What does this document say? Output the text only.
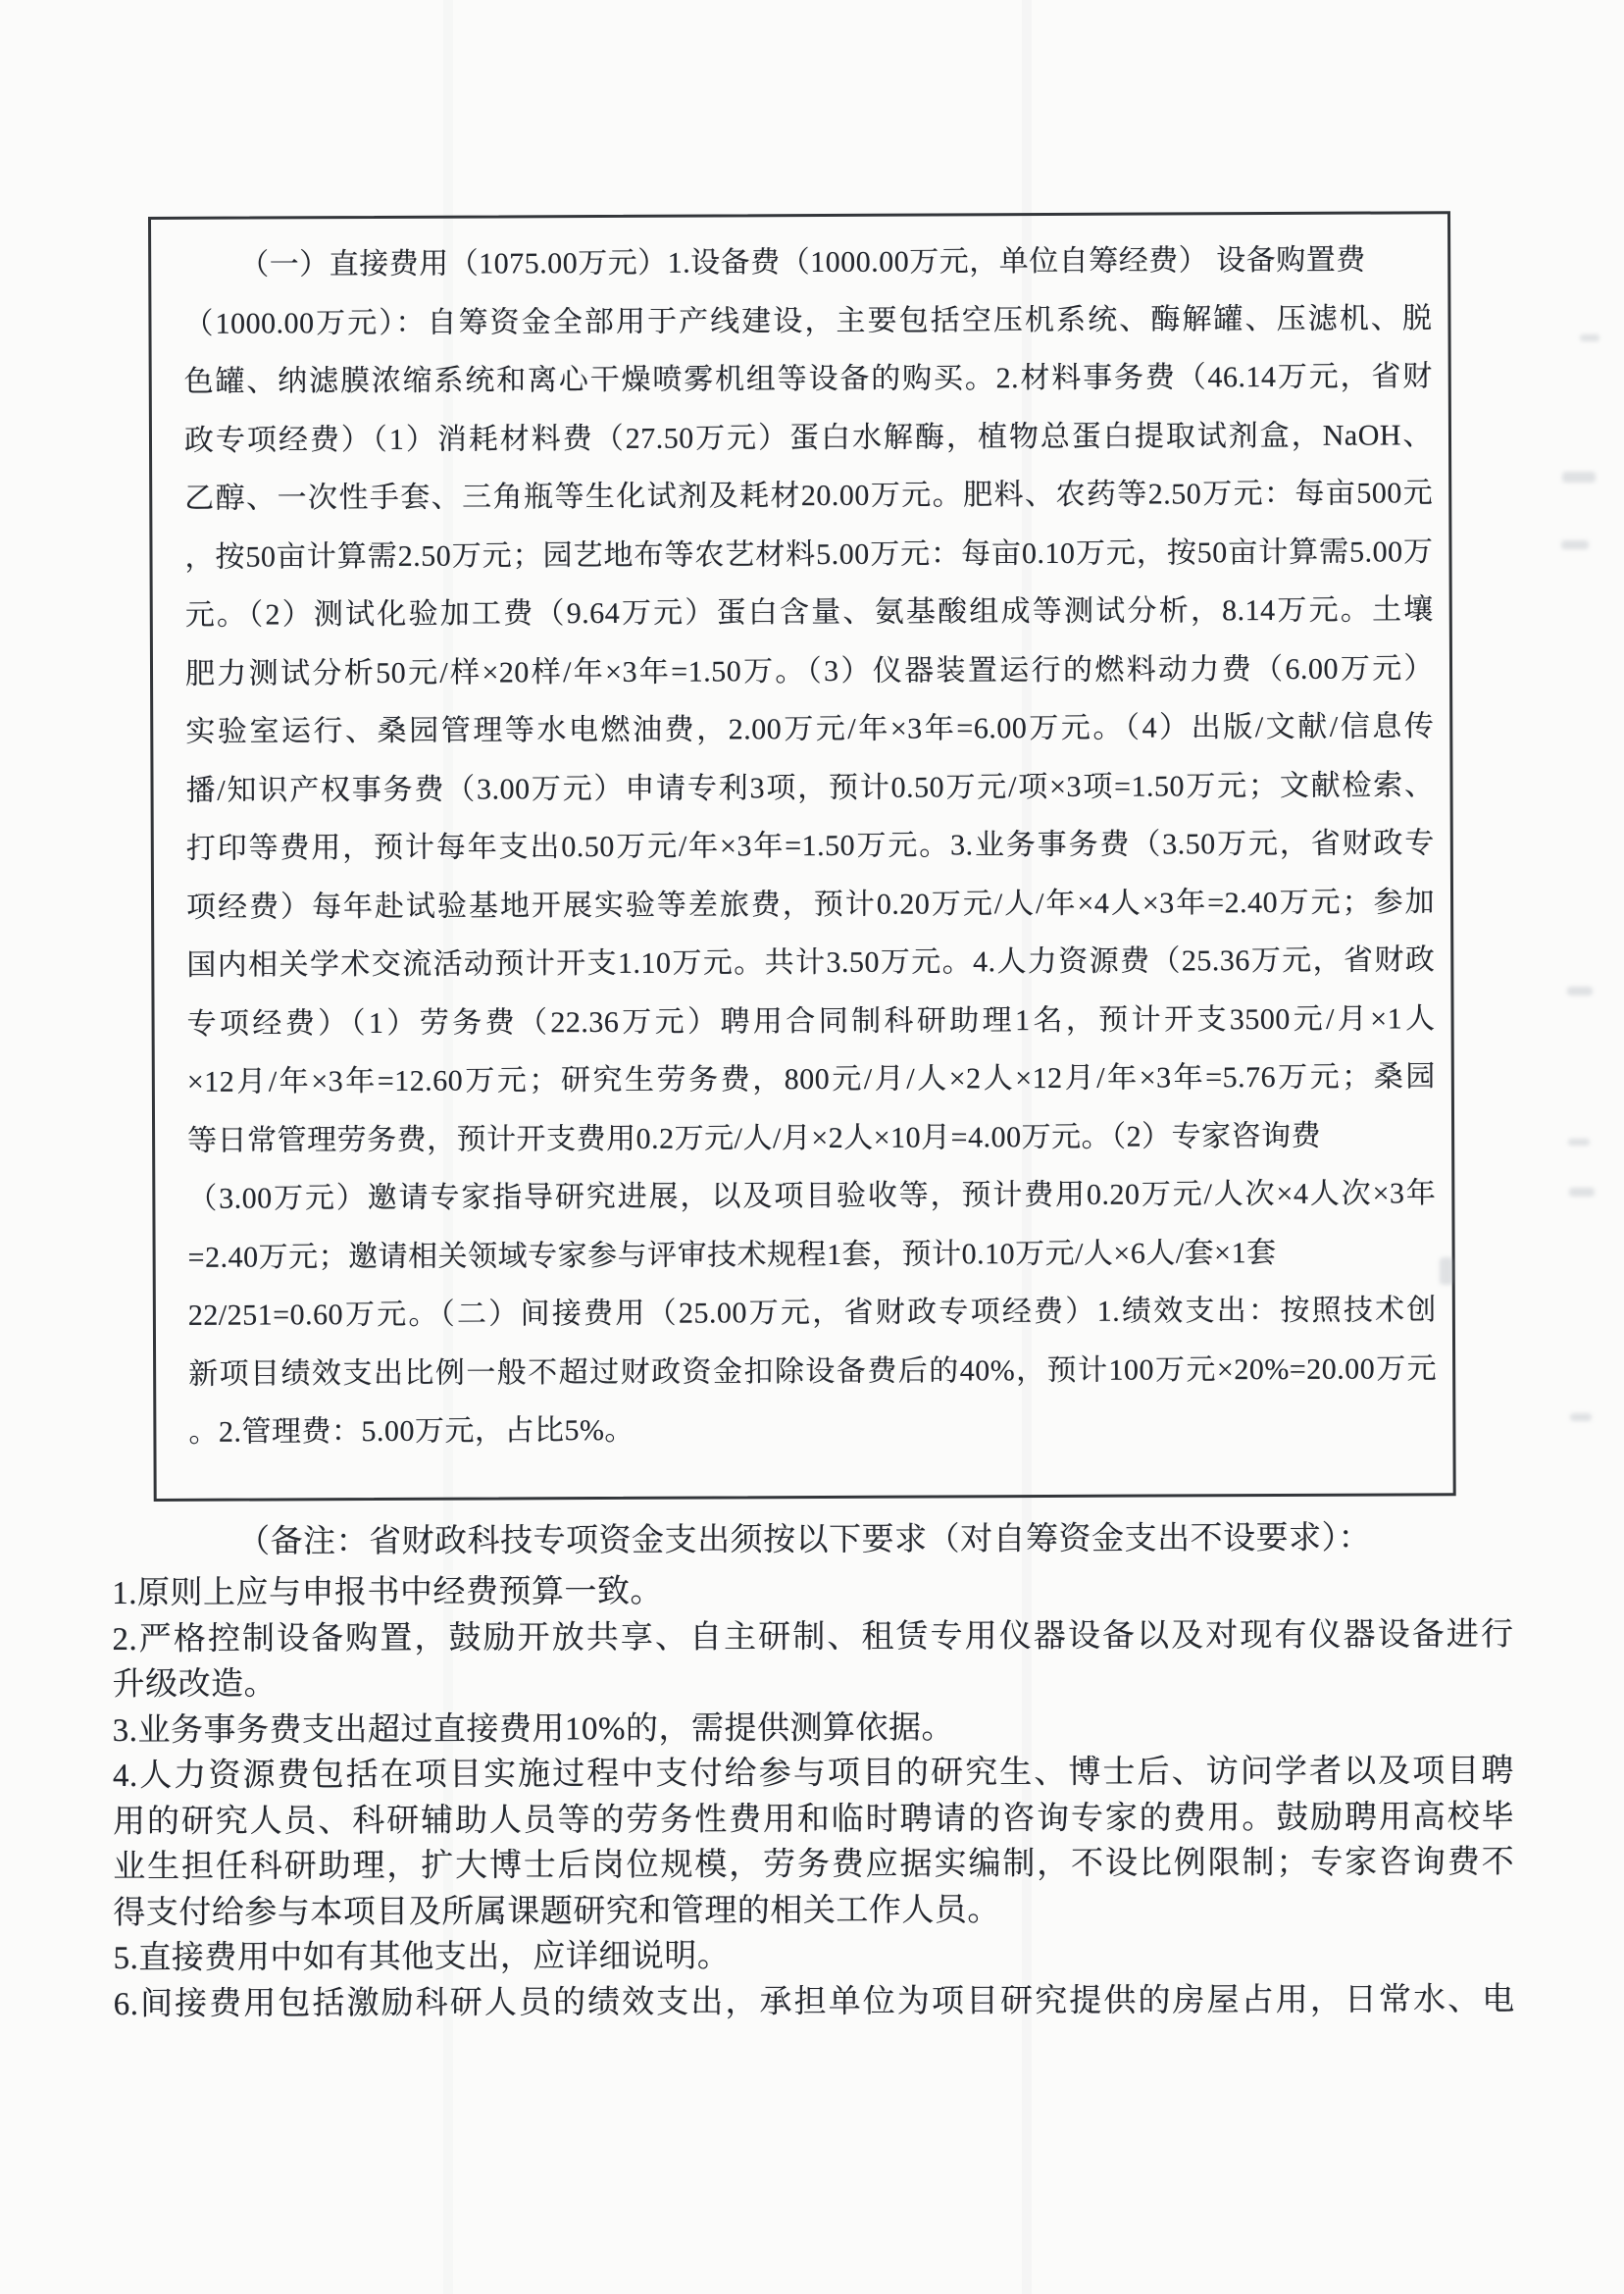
（一）直接费用（1075.00万元）1.设备费（1000.00万元，单位自筹经费） 设备购置费
（1000.00万元）：自筹资金全部用于产线建设，主要包括空压机系统、酶解罐、压滤机、脱
色罐、纳滤膜浓缩系统和离心干燥喷雾机组等设备的购买。2.材料事务费（46.14万元，省财
政专项经费）（1）消耗材料费（27.50万元）蛋白水解酶，植物总蛋白提取试剂盒，NaOH、
乙醇、一次性手套、三角瓶等生化试剂及耗材20.00万元。肥料、农药等2.50万元：每亩500元
，按50亩计算需2.50万元；园艺地布等农艺材料5.00万元：每亩0.10万元，按50亩计算需5.00万
元。（2）测试化验加工费（9.64万元）蛋白含量、氨基酸组成等测试分析，8.14万元。土壤
肥力测试分析50元/样×20样/年×3年=1.50万。（3）仪器装置运行的燃料动力费（6.00万元）
实验室运行、桑园管理等水电燃油费，2.00万元/年×3年=6.00万元。（4）出版/文献/信息传
播/知识产权事务费（3.00万元）申请专利3项，预计0.50万元/项×3项=1.50万元；文献检索、
打印等费用，预计每年支出0.50万元/年×3年=1.50万元。3.业务事务费（3.50万元，省财政专
项经费）每年赴试验基地开展实验等差旅费，预计0.20万元/人/年×4人×3年=2.40万元；参加
国内相关学术交流活动预计开支1.10万元。共计3.50万元。4.人力资源费（25.36万元，省财政
专项经费）（1）劳务费（22.36万元）聘用合同制科研助理1名，预计开支3500元/月×1人
×12月/年×3年=12.60万元；研究生劳务费，800元/月/人×2人×12月/年×3年=5.76万元；桑园
等日常管理劳务费，预计开支费用0.2万元/人/月×2人×10月=4.00万元。（2）专家咨询费
（3.00万元）邀请专家指导研究进展，以及项目验收等，预计费用0.20万元/人次×4人次×3年
=2.40万元；邀请相关领域专家参与评审技术规程1套，预计0.10万元/人×6人/套×1套
22/251=0.60万元。（二）间接费用（25.00万元，省财政专项经费）1.绩效支出：按照技术创
新项目绩效支出比例一般不超过财政资金扣除设备费后的40%，预计100万元×20%=20.00万元
。2.管理费：5.00万元，占比5%。
（备注：省财政科技专项资金支出须按以下要求（对自筹资金支出不设要求）：
1.原则上应与申报书中经费预算一致。
2.严格控制设备购置，鼓励开放共享、自主研制、租赁专用仪器设备以及对现有仪器设备进行
升级改造。
3.业务事务费支出超过直接费用10%的，需提供测算依据。
4.人力资源费包括在项目实施过程中支付给参与项目的研究生、博士后、访问学者以及项目聘
用的研究人员、科研辅助人员等的劳务性费用和临时聘请的咨询专家的费用。鼓励聘用高校毕
业生担任科研助理，扩大博士后岗位规模，劳务费应据实编制，不设比例限制；专家咨询费不
得支付给参与本项目及所属课题研究和管理的相关工作人员。
5.直接费用中如有其他支出，应详细说明。
6.间接费用包括激励科研人员的绩效支出，承担单位为项目研究提供的房屋占用，日常水、电
